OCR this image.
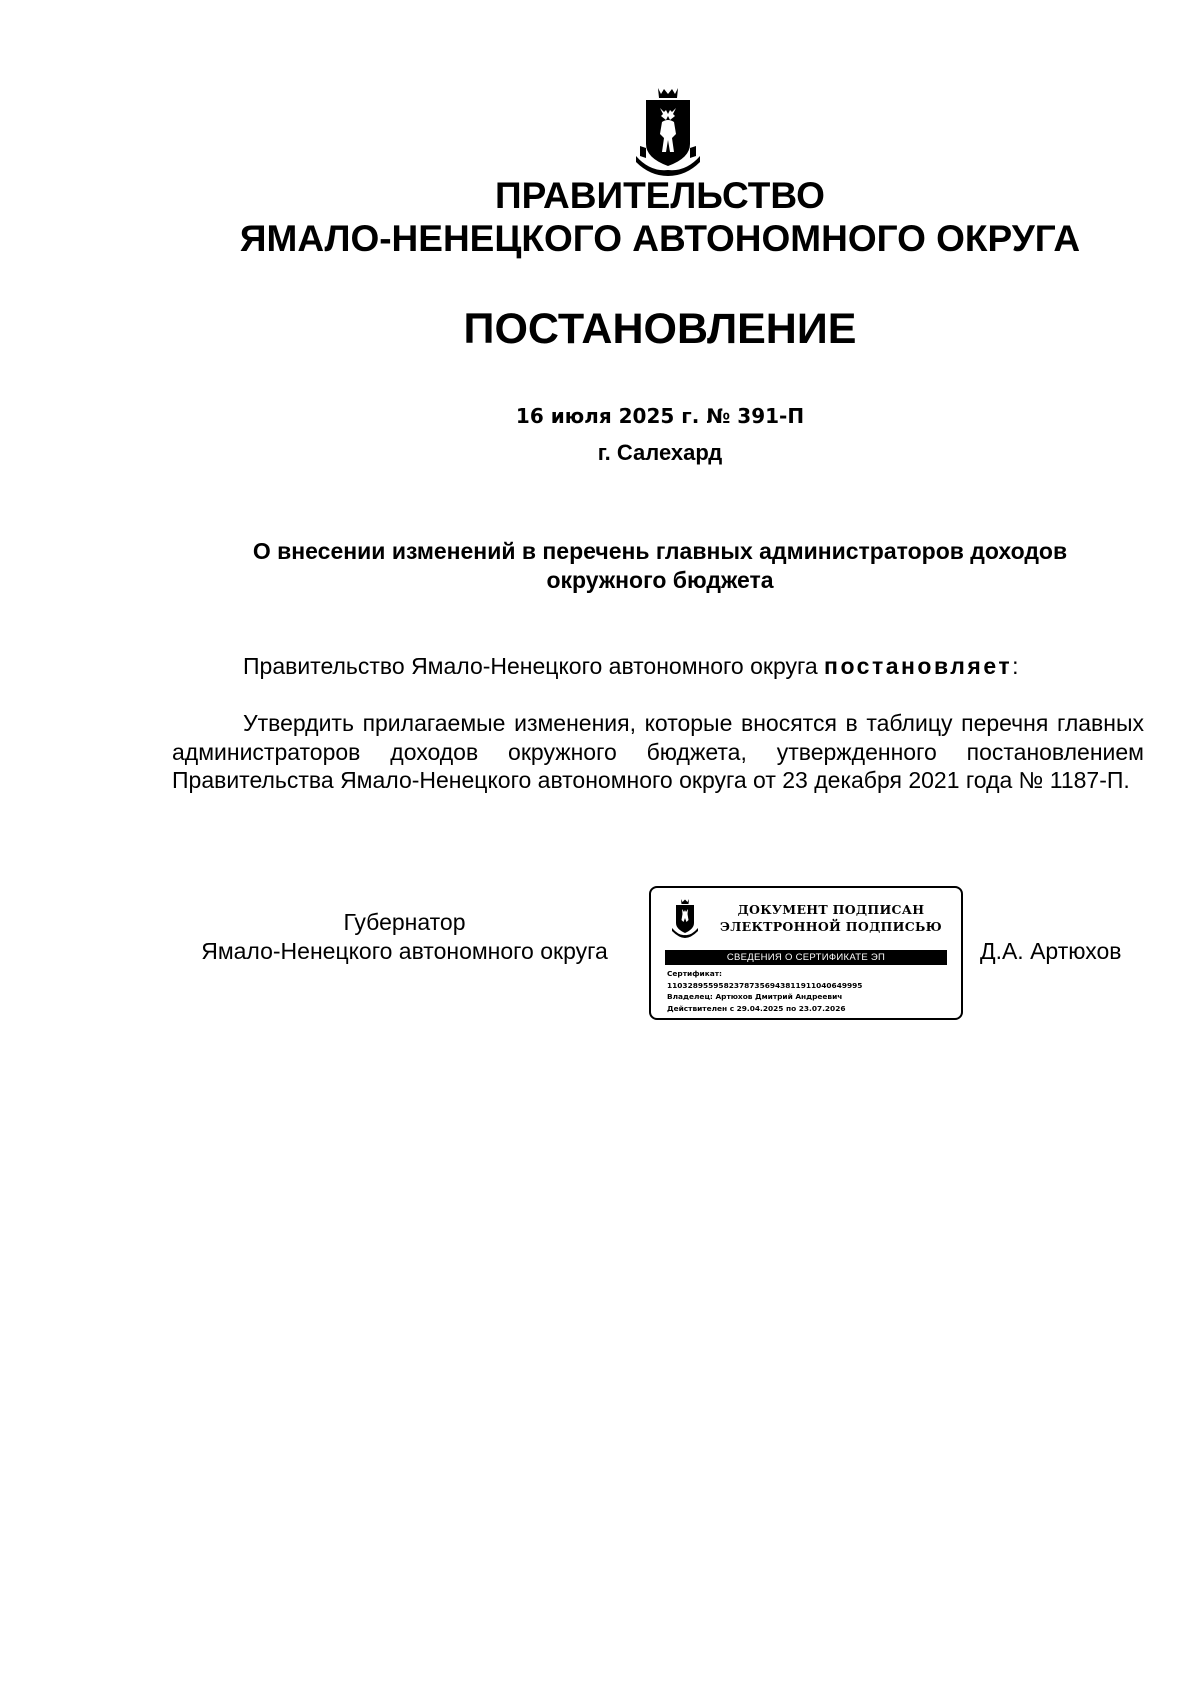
ПРАВИТЕЛЬСТВО
ЯМАЛО-НЕНЕЦКОГО АВТОНОМНОГО ОКРУГА
ПОСТАНОВЛЕНИЕ
16 июля 2025 г. № 391-П
г. Салехард
О внесении изменений в перечень главных администраторов доходов
окружного бюджета
Правительство Ямало-Ненецкого автономного округа постановляет:
Утвердить прилагаемые изменения, которые вносятся в таблицу перечня главных администраторов доходов окружного бюджета, утвержденного постановлением Правительства Ямало-Ненецкого автономного округа от 23 декабря 2021 года № 1187-П.
Губернатор
Ямало-Ненецкого автономного округа
ДОКУМЕНТ ПОДПИСАН
ЭЛЕКТРОННОЙ ПОДПИСЬЮ
СВЕДЕНИЯ О СЕРТИФИКАТЕ ЭП
Сертификат:
11032895595823787356943811911040649995
Владелец: Артюхов Дмитрий Андреевич
Действителен с 29.04.2025 по 23.07.2026
Д.А. Артюхов
